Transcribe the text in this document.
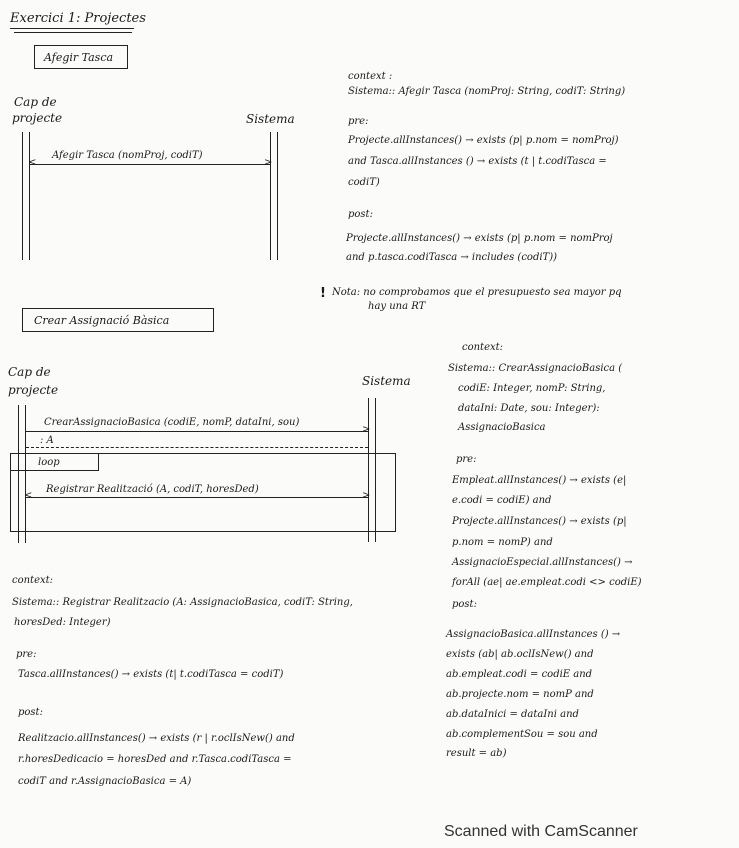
Exercici 1: Projectes
Afegir Tasca
Cap de
projecte	Sistema
Afegir Tasca (nomProj, codiT)
<	>
context :
Sistema:: Afegir Tasca (nomProj: String, codiT: String)
pre:
Projecte.allInstances() → exists (p| p.nom = nomProj)
and Tasca.allInstances () → exists (t | t.codiTasca =
codiT)
post:
Projecte.allInstances() → exists (p| p.nom = nomProj
and p.tasca.codiTasca → includes (codiT))
! Nota: no comprobamos que el presupuesto sea mayor pq
hay una RT
Crear Assignació Bàsica
Cap de
projecte
Sistema
CrearAssignacioBasica (codiE, nomP, dataIni, sou)
>
: A
loop
Registrar Realització (A, codiT, horesDed)
<	>
context:
Sistema:: CrearAssignacioBasica (
codiE: Integer, nomP: String,
dataIni: Date, sou: Integer):
AssignacioBasica
pre:
Empleat.allInstances() → exists (e|
e.codi = codiE) and
Projecte.allInstances() → exists (p|
p.nom = nomP) and
AssignacioEspecial.allInstances() →
forAll (ae| ae.empleat.codi <> codiE)
post:
AssignacioBasica.allInstances () →
exists (ab| ab.oclIsNew() and
ab.empleat.codi = codiE and
ab.projecte.nom = nomP and
ab.dataInici = dataIni and
ab.complementSou = sou and
result = ab)
context:
Sistema:: Registrar Realitzacio (A: AssignacioBasica, codiT: String,
horesDed: Integer)
pre:
Tasca.allInstances() → exists (t| t.codiTasca = codiT)
post:
Realitzacio.allInstances() → exists (r | r.oclIsNew() and
r.horesDedicacio = horesDed and r.Tasca.codiTasca =
codiT and r.AssignacioBasica = A)
Scanned with CamScanner
